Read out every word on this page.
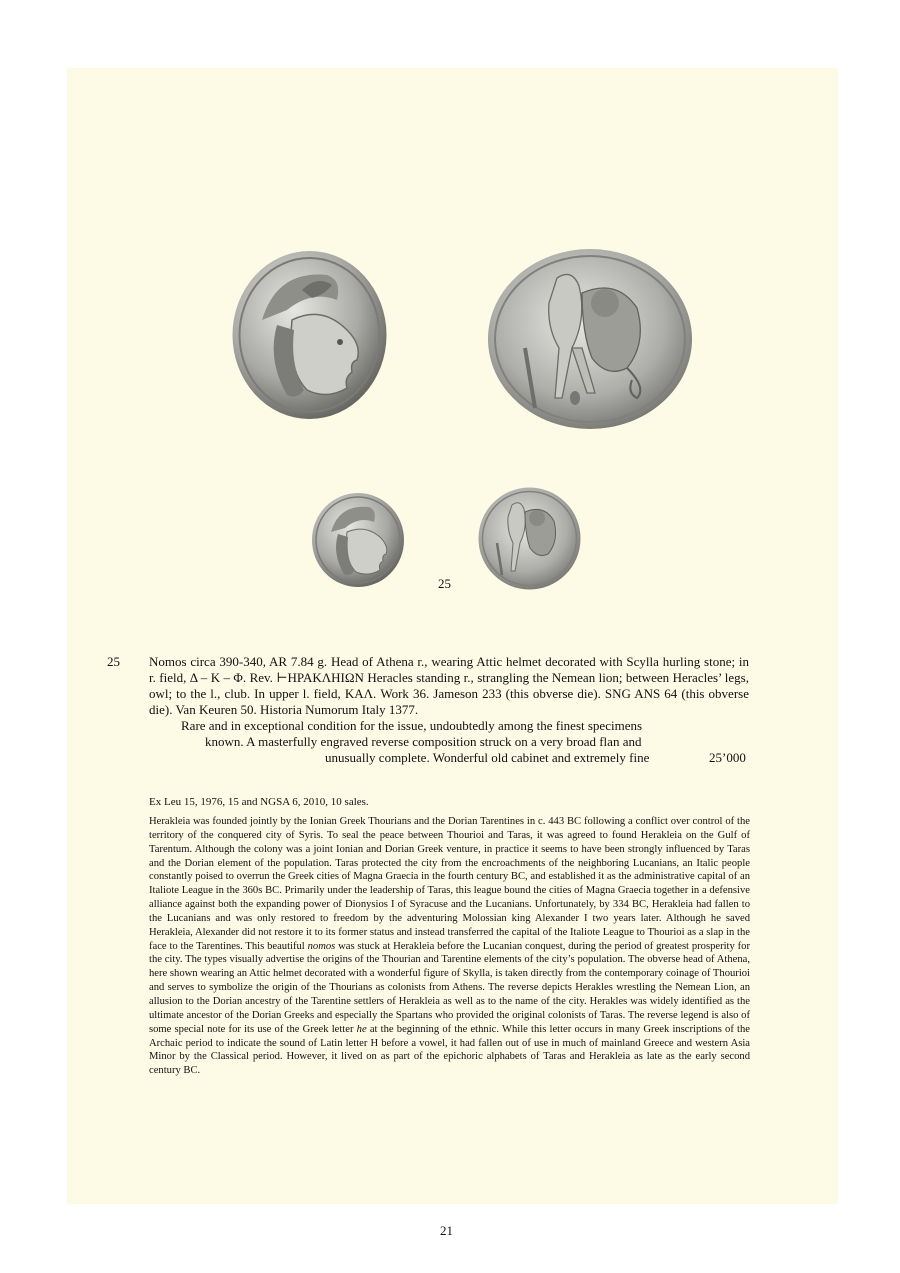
25
25 Nomos circa 390-340, AR 7.84 g. Head of Athena r., wearing Attic helmet decorated with Scylla hurling stone; in r. field, Δ – K – Φ. Rev. ⊢ΗΡΑΚΛΗΙΩΝ Heracles standing r., strangling the Nemean lion; between Heracles’ legs, owl; to the l., club. In upper l. field, ΚΑΛ. Work 36. Jameson 233 (this obverse die). SNG ANS 64 (this obverse die). Van Keuren 50. Historia Numorum Italy 1377.
Rare and in exceptional condition for the issue, undoubtedly among the finest specimens
known. A masterfully engraved reverse composition struck on a very broad flan and
unusually complete. Wonderful old cabinet and extremely fine	25’000
Ex Leu 15, 1976, 15 and NGSA 6, 2010, 10 sales.
Herakleia was founded jointly by the Ionian Greek Thourians and the Dorian Tarentines in c. 443 BC following a conflict over control of the territory of the conquered city of Syris. To seal the peace between Thourioi and Taras, it was agreed to found Herakleia on the Gulf of Tarentum. Although the colony was a joint Ionian and Dorian Greek venture, in practice it seems to have been strongly influenced by Taras and the Dorian element of the population. Taras protected the city from the encroachments of the neighboring Lucanians, an Italic people constantly poised to overrun the Greek cities of Magna Graecia in the fourth century BC, and established it as the administrative capital of an Italiote League in the 360s BC. Primarily under the leadership of Taras, this league bound the cities of Magna Graecia together in a defensive alliance against both the expanding power of Dionysios I of Syracuse and the Lucanians. Unfortunately, by 334 BC, Herakleia had fallen to the Lucanians and was only restored to freedom by the adventuring Molossian king Alexander I two years later. Although he saved Herakleia, Alexander did not restore it to its former status and instead transferred the capital of the Italiote League to Thourioi as a slap in the face to the Tarentines. This beautiful nomos was stuck at Herakleia before the Lucanian conquest, during the period of greatest prosperity for the city. The types visually advertise the origins of the Thourian and Tarentine elements of the city’s population. The obverse head of Athena, here shown wearing an Attic helmet decorated with a wonderful figure of Skylla, is taken directly from the contemporary coinage of Thourioi and serves to symbolize the origin of the Thourians as colonists from Athens. The reverse depicts Herakles wrestling the Nemean Lion, an allusion to the Dorian ancestry of the Tarentine settlers of Herakleia as well as to the name of the city. Herakles was widely identified as the ultimate ancestor of the Dorian Greeks and especially the Spartans who provided the original colonists of Taras. The reverse legend is also of some special note for its use of the Greek letter he at the beginning of the ethnic. While this letter occurs in many Greek inscriptions of the Archaic period to indicate the sound of Latin letter H before a vowel, it had fallen out of use in much of mainland Greece and western Asia Minor by the Classical period. However, it lived on as part of the epichoric alphabets of Taras and Herakleia as late as the early second century BC.
21
